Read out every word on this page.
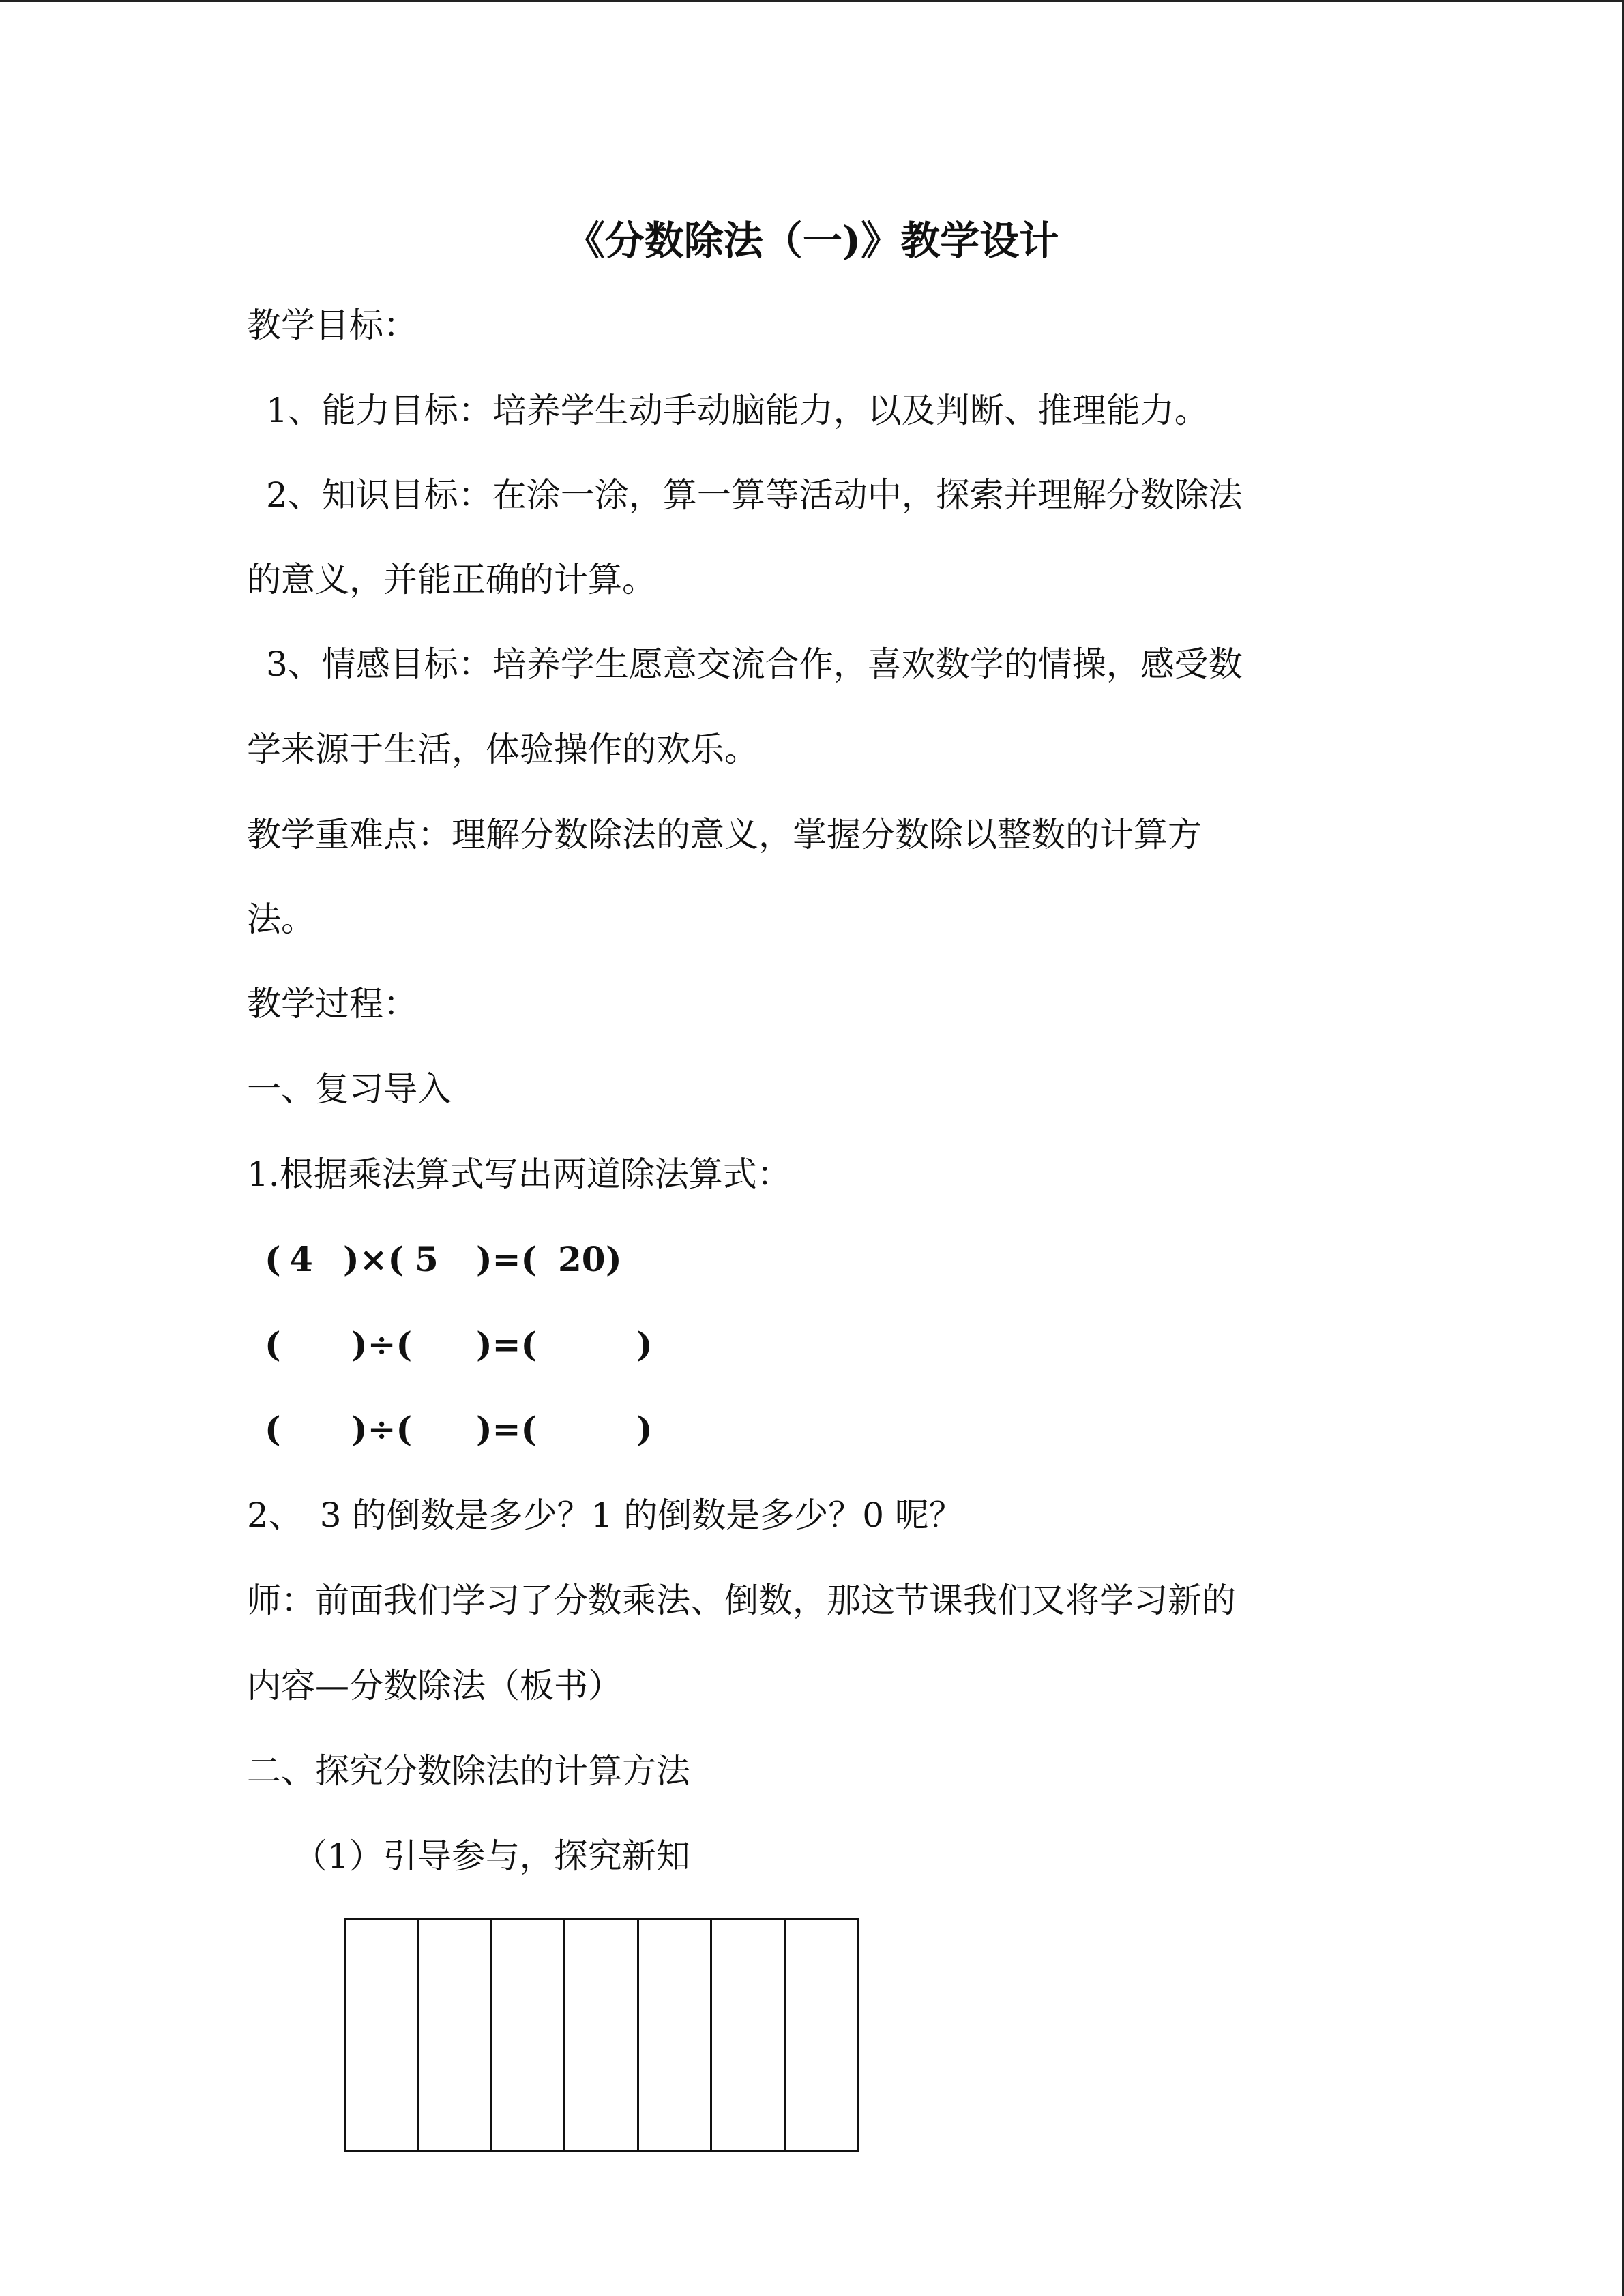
《分数除法（一)》教学设计
教学目标：
1、能力目标：培养学生动手动脑能力，以及判断、推理能力。
2、知识目标：在涂一涂，算一算等活动中，探索并理解分数除法
的意义，并能正确的计算。
3、情感目标：培养学生愿意交流合作，喜欢数学的情操，感受数
学来源于生活，体验操作的欢乐。
教学重难点：理解分数除法的意义，掌握分数除以整数的计算方
法。
教学过程：
一、复习导入
1.根据乘法算式写出两道除法算式：
( 4 )×( 5 )=( 20 )
( )÷( )=(	)
( )÷( )=(	)
2、　3 的倒数是多少？1 的倒数是多少？0 呢？
师：前面我们学习了分数乘法、倒数，那这节课我们又将学习新的
内容—分数除法（板书）
二、探究分数除法的计算方法
（1）引导参与，探究新知
